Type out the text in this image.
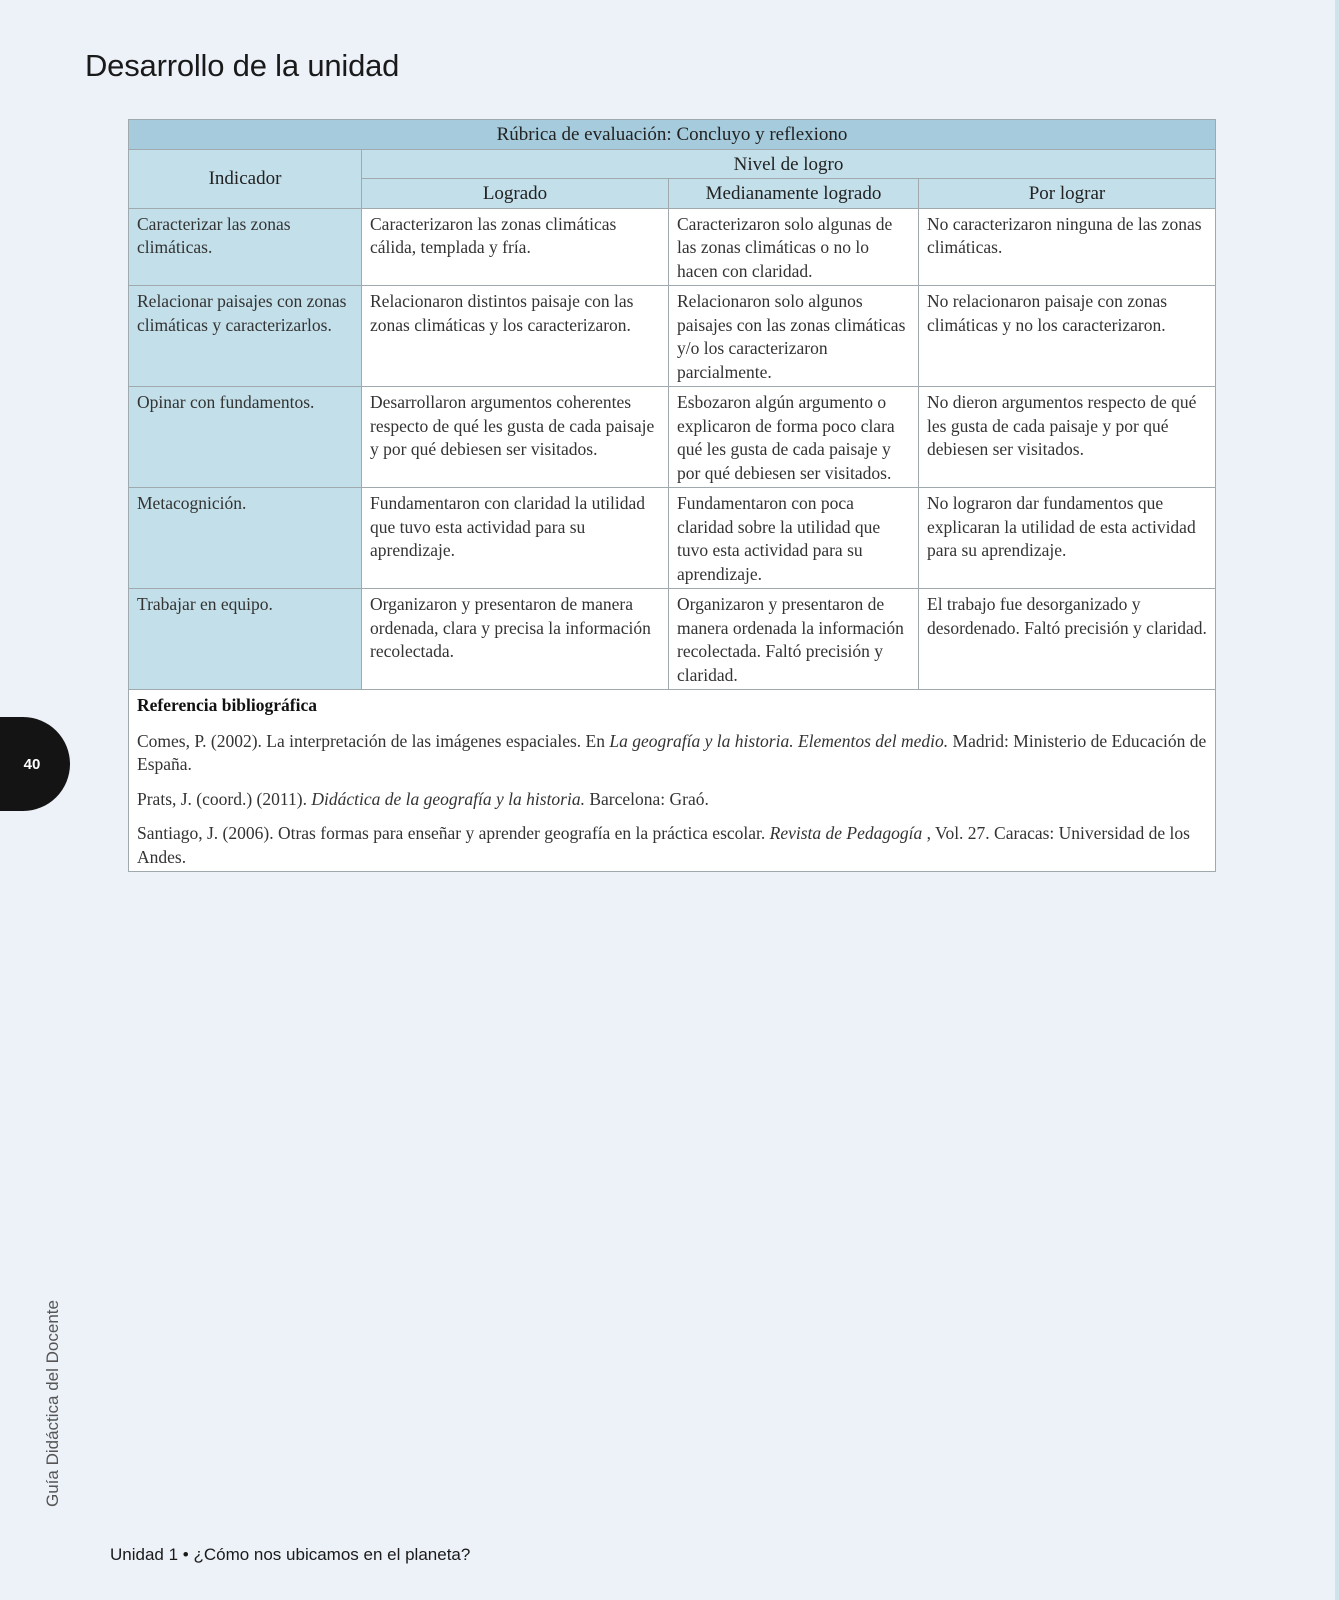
Desarrollo de la unidad
Rúbrica de evaluación: Concluyo y reflexiono			
Indicador	Nivel de logro		
	Logrado	Medianamente logrado	Por lograr
Caracterizar las zonas climáticas.	Caracterizaron las zonas climáticas cálida, templada y fría.	Caracterizaron solo algunas de las zonas climáticas o no lo hacen con claridad.	No caracterizaron ninguna de las zonas climáticas.
Relacionar paisajes con zonas climáticas y caracterizarlos.	Relacionaron distintos paisaje con las zonas climáticas y los caracterizaron.	Relacionaron solo algunos paisajes con las zonas climáticas y/o los caracterizaron parcialmente.	No relacionaron paisaje con zonas climáticas y no los caracterizaron.
Opinar con fundamentos.	Desarrollaron argumentos coherentes respecto de qué les gusta de cada paisaje y por qué debiesen ser visitados.	Esbozaron algún argumento o explicaron de forma poco clara qué les gusta de cada paisaje y por qué debiesen ser visitados.	No dieron argumentos respecto de qué les gusta de cada paisaje y por qué debiesen ser visitados.
Metacognición.	Fundamentaron con claridad la utilidad que tuvo esta actividad para su aprendizaje.	Fundamentaron con poca claridad sobre la utilidad que tuvo esta actividad para su aprendizaje.	No lograron dar fundamentos que explicaran la utilidad de esta actividad para su aprendizaje.
Trabajar en equipo.	Organizaron y presentaron de manera ordenada, clara y precisa la información recolectada.	Organizaron y presentaron de manera ordenada la información recolectada. Faltó precisión y claridad.	El trabajo fue desorganizado y desordenado. Faltó precisión y claridad.

Referencia bibliográfica

Comes, P. (2002). La interpretación de las imágenes espaciales. En La geografía y la historia. Elementos del medio. Madrid: Ministerio de Educación de España.

Prats, J. (coord.) (2011). Didáctica de la geografía y la historia. Barcelona: Graó.

Santiago, J. (2006). Otras formas para enseñar y aprender geografía en la práctica escolar. Revista de Pedagogía , Vol. 27. Caracas: Universidad de los Andes.			

40
Guía Didáctica del Docente
Unidad 1 • ¿Cómo nos ubicamos en el planeta?
